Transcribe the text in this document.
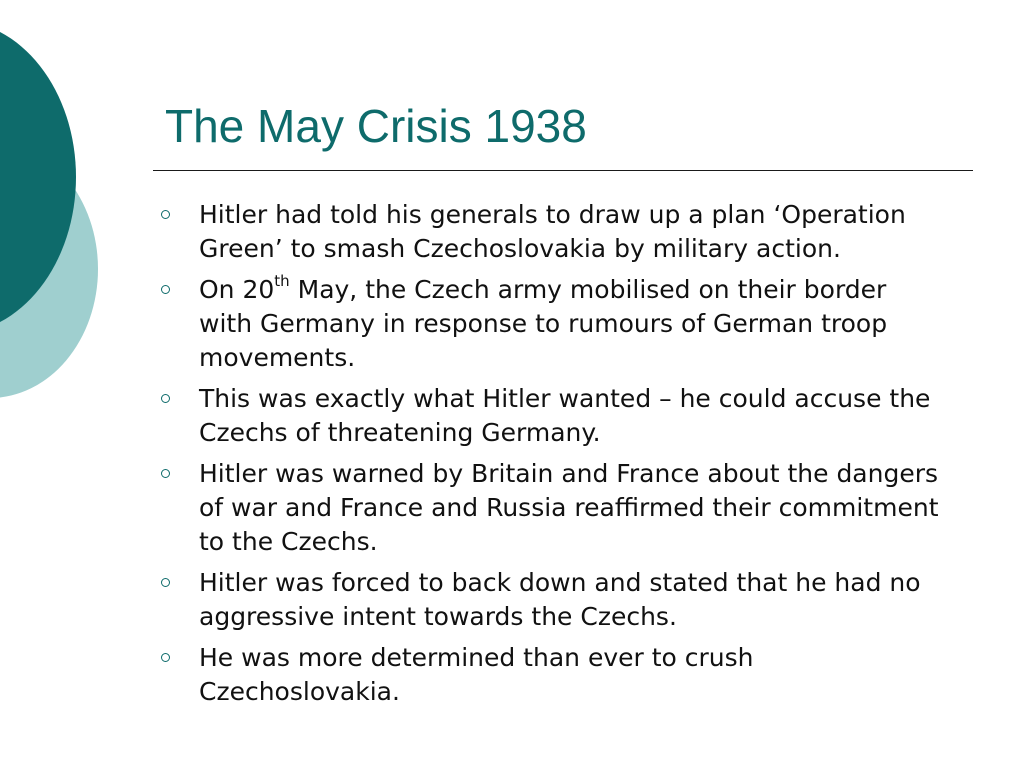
The May Crisis 1938
Hitler had told his generals to draw up a plan ‘Operation Green’ to smash Czechoslovakia by military action.
On 20th May, the Czech army mobilised on their border with Germany in response to rumours of German troop movements.
This was exactly what Hitler wanted – he could accuse the Czechs of threatening Germany.
Hitler was warned by Britain and France about the dangers of war and France and Russia reaffirmed their commitment to the Czechs.
Hitler was forced to back down and stated that he had no aggressive intent towards the Czechs.
He was more determined than ever to crush Czechoslovakia.
